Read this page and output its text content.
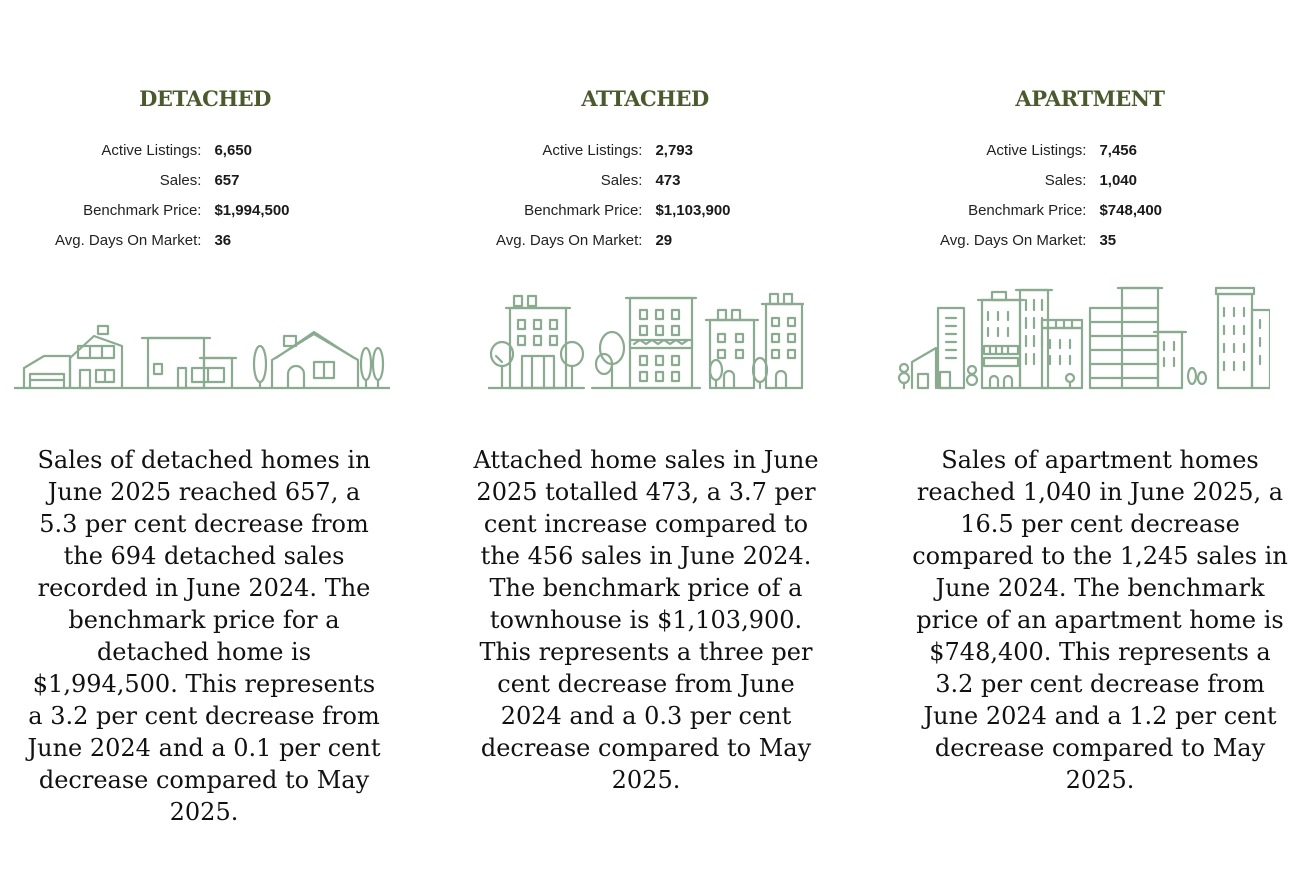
DETACHED
Active Listings: 6,650
Sales: 657
Benchmark Price: $1,994,500
Avg. Days On Market: 36

Sales of detached homes in June 2025 reached 657, a 5.3 per cent decrease from the 694 detached sales recorded in June 2024. The benchmark price for a detached home is $1,994,500. This represents a 3.2 per cent decrease from June 2024 and a 0.1 per cent decrease compared to May 2025.

ATTACHED
Active Listings: 2,793
Sales: 473
Benchmark Price: $1,103,900
Avg. Days On Market: 29

Attached home sales in June 2025 totalled 473, a 3.7 per cent increase compared to the 456 sales in June 2024. The benchmark price of a townhouse is $1,103,900. This represents a three per cent decrease from June 2024 and a 0.3 per cent decrease compared to May 2025.

APARTMENT
Active Listings: 7,456
Sales: 1,040
Benchmark Price: $748,400
Avg. Days On Market: 35

Sales of apartment homes reached 1,040 in June 2025, a 16.5 per cent decrease compared to the 1,245 sales in June 2024. The benchmark price of an apartment home is $748,400. This represents a 3.2 per cent decrease from June 2024 and a 1.2 per cent decrease compared to May 2025.
